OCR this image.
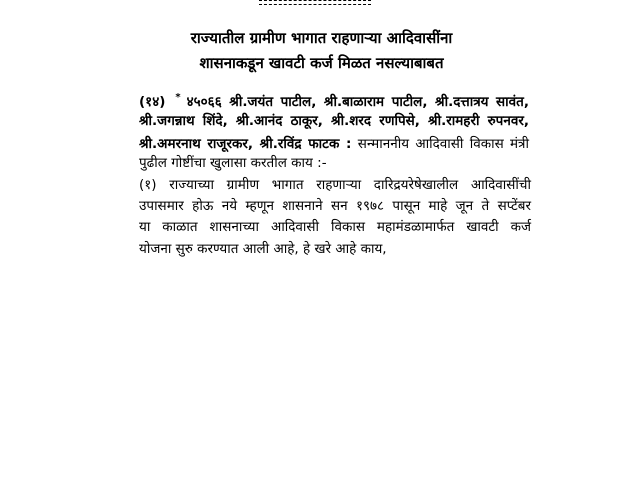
राज्यातील ग्रामीण भागात राहणाऱ्या आदिवासींना
शासनाकडून खावटी कर्ज मिळत नसल्याबाबत
(१४) * ४५०६६ श्री.जयंत पाटील, श्री.बाळाराम पाटील, श्री.दत्तात्रय सावंत,
श्री.जगन्नाथ शिंदे, श्री.आनंद ठाकूर, श्री.शरद रणपिसे, श्री.रामहरी रुपनवर,
श्री.अमरनाथ राजूरकर, श्री.रविंद्र फाटक : सन्माननीय आदिवासी विकास मंत्री
पुढील गोष्टींचा खुलासा करतील काय :-
(१) राज्याच्या ग्रामीण भागात राहणाऱ्या दारिद्रयरेषेखालील आदिवासींची
उपासमार होऊ नये म्हणून शासनाने सन १९७८ पासून माहे जून ते सप्टेंबर
या काळात शासनाच्या आदिवासी विकास महामंडळामार्फत खावटी कर्ज
योजना सुरु करण्यात आली आहे, हे खरे आहे काय,
